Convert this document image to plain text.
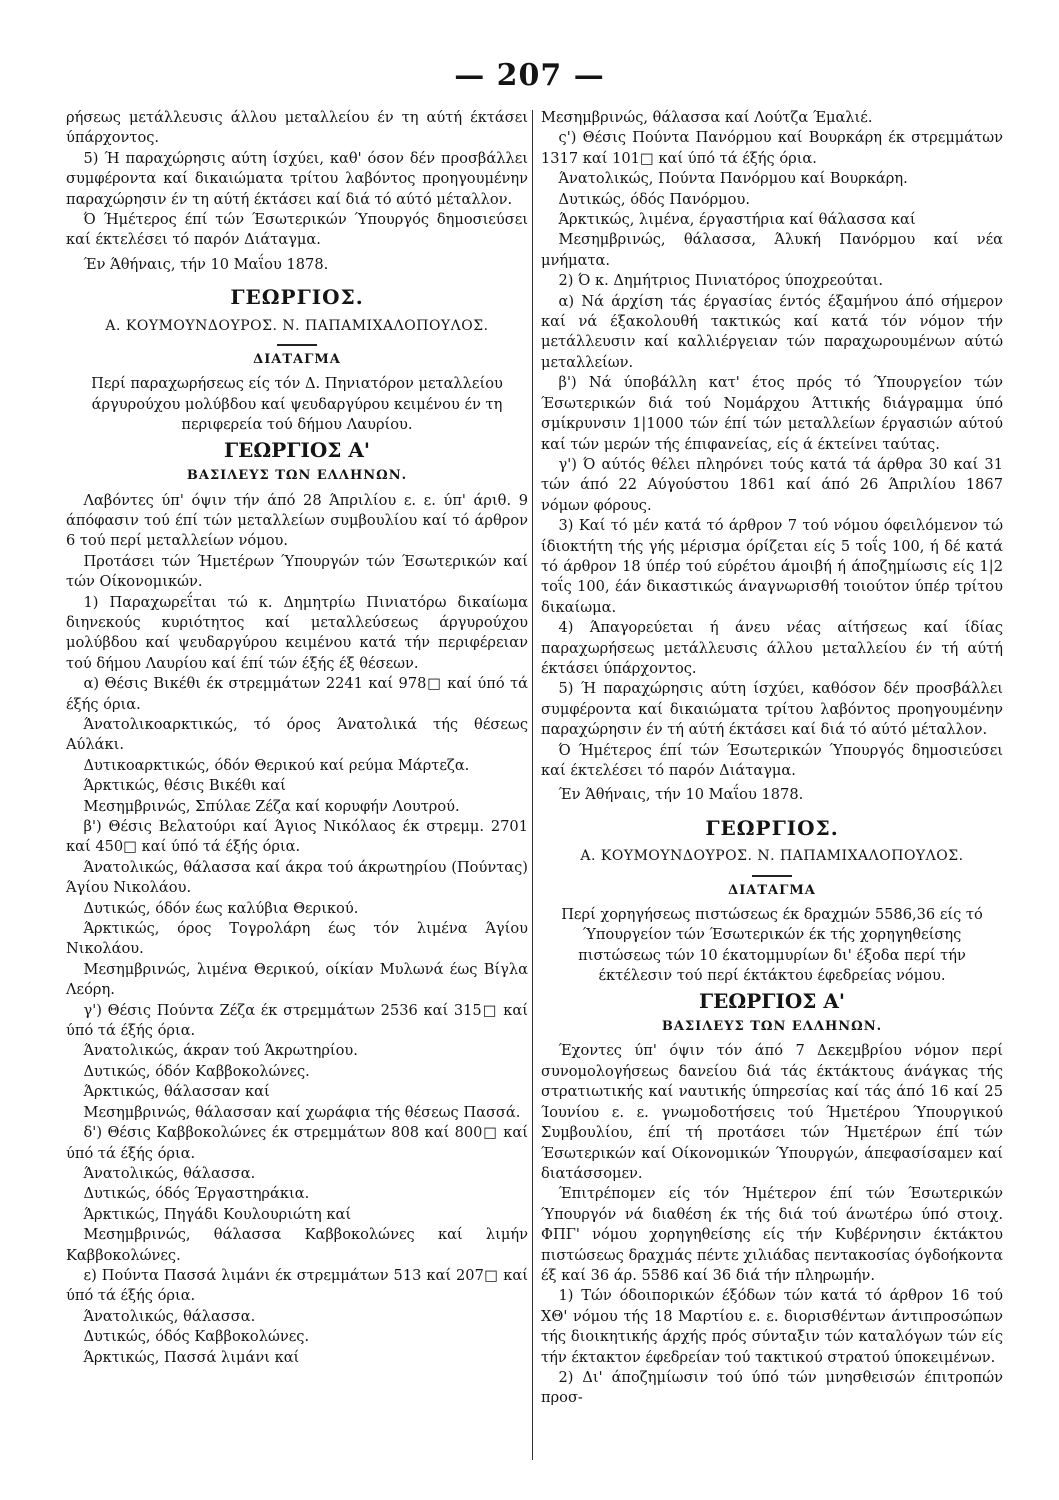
— 207 —

ρήσεως μετάλλευσις άλλου μεταλλείου έν τη αύτή έκτάσει ύπάρχοντος.

5) Ή παραχώρησις αύτη ίσχύει, καθ' όσον δέν προσβάλλει συμφέροντα καί δικαιώματα τρίτου λαβόντος προηγουμένην παραχώρησιν έν τη αύτή έκτάσει καί διά τό αύτό μέταλλον.

Ό Ήμέτερος έπί τών Έσωτερικών Ύπουργός δημοσιεύσει καί έκτελέσει τό παρόν Διάταγμα.

Έν Άθήναις, τήν 10 Μαΐου 1878.

ΓΕΩΡΓΙΟΣ.

Α. ΚΟΥΜΟΥΝΔΟΥΡΟΣ. Ν. ΠΑΠΑΜΙΧΑΛΟΠΟΥΛΟΣ.

ΔΙΑΤΑΓΜΑ

Περί παραχωρήσεως είς τόν Δ. Πηνιατόρον μεταλλείου άργυρούχου μολύβδου καί ψευδαργύρου κειμένου έν τη περιφερεία τού δήμου Λαυρίου.

ΓΕΩΡΓΙΟΣ Α'

ΒΑΣΙΛΕΥΣ ΤΩΝ ΕΛΛΗΝΩΝ.

Λαβόντες ύπ' όψιν τήν άπό 28 Άπριλίου ε. ε. ύπ' άριθ. 9 άπόφασιν τού έπί τών μεταλλείων συμβουλίου καί τό άρθρον 6 τού περί μεταλλείων νόμου.

Προτάσει τών Ήμετέρων Ύπουργών τών Έσωτερικών καί τών Οίκονομικών.

1) Παραχωρεΐται τώ κ. Δημητρίω Πινιατόρω δικαίωμα διηνεκούς κυριότητος καί μεταλλεύσεως άργυρούχου μολύβδου καί ψευδαργύρου κειμένου κατά τήν περιφέρειαν τού δήμου Λαυρίου καί έπί τών έξής έξ θέσεων.

α) Θέσις Βικέθι έκ στρεμμάτων 2241 καί 978□ καί ύπό τά έξής όρια.

Άνατολικοαρκτικώς, τό όρος Άνατολικά τής θέσεως Αύλάκι.

Δυτικοαρκτικώς, όδόν Θερικού καί ρεύμα Μάρτεζα.

Άρκτικώς, θέσις Βικέθι καί

Μεσημβρινώς, Σπύλαε Ζέζα καί κορυφήν Λουτρού.

β') Θέσις Βελατούρι καί Άγιος Νικόλαος έκ στρεμμ. 2701 καί 450□ καί ύπό τά έξής όρια.

Άνατολικώς, θάλασσα καί άκρα τού άκρωτηρίου (Πούντας) Άγίου Νικολάου.

Δυτικώς, όδόν έως καλύβια Θερικού.

Άρκτικώς, όρος Τογρολάρη έως τόν λιμένα Άγίου Νικολάου.

Μεσημβρινώς, λιμένα Θερικού, οίκίαν Μυλωνά έως Βίγλα Λεόρη.

γ') Θέσις Πούντα Ζέζα έκ στρεμμάτων 2536 καί 315□ καί ύπό τά έξής όρια.

Άνατολικώς, άκραν τού Άκρωτηρίου.

Δυτικώς, όδόν Καββοκολώνες.

Άρκτικώς, θάλασσαν καί

Μεσημβρινώς, θάλασσαν καί χωράφια τής θέσεως Πασσά.

δ') Θέσις Καββοκολώνες έκ στρεμμάτων 808 καί 800□ καί ύπό τά έξής όρια.

Άνατολικώς, θάλασσα.

Δυτικώς, όδός Έργαστηράκια.

Άρκτικώς, Πηγάδι Κουλουριώτη καί

Μεσημβρινώς, θάλασσα Καββοκολώνες καί λιμήν Καββοκολώνες.

ε) Πούντα Πασσά λιμάνι έκ στρεμμάτων 513 καί 207□ καί ύπό τά έξής όρια.

Άνατολικώς, θάλασσα.

Δυτικώς, όδός Καββοκολώνες.

Άρκτικώς, Πασσά λιμάνι καί

Μεσημβρινώς, θάλασσα καί Λούτζα Έμαλιέ.

ς') Θέσις Πούντα Πανόρμου καί Βουρκάρη έκ στρεμμάτων 1317 καί 101□ καί ύπό τά έξής όρια.

Άνατολικώς, Πούντα Πανόρμου καί Βουρκάρη.

Δυτικώς, όδός Πανόρμου.

Άρκτικώς, λιμένα, έργαστήρια καί θάλασσα καί

Μεσημβρινώς, θάλασσα, Άλυκή Πανόρμου καί νέα μνήματα.

2) Ό κ. Δημήτριος Πινιατόρος ύποχρεούται.

α) Νά άρχίση τάς έργασίας έντός έξαμήνου άπό σήμερον καί νά έξακολουθή τακτικώς καί κατά τόν νόμον τήν μετάλλευσιν καί καλλιέργειαν τών παραχωρουμένων αύτώ μεταλλείων.

β') Νά ύποβάλλη κατ' έτος πρός τό Ύπουργείον τών Έσωτερικών διά τού Νομάρχου Άττικής διάγραμμα ύπό σμίκρυνσιν 1|1000 τών έπί τών μεταλλείων έργασιών αύτού καί τών μερών τής έπιφανείας, είς ά έκτείνει ταύτας.

γ') Ό αύτός θέλει πληρόνει τούς κατά τά άρθρα 30 καί 31 τών άπό 22 Αύγούστου 1861 καί άπό 26 Άπριλίου 1867 νόμων φόρους.

3) Καί τό μέν κατά τό άρθρον 7 τού νόμου όφειλόμενον τώ ίδιοκτήτη τής γής μέρισμα όρίζεται είς 5 τοΐς 100, ή δέ κατά τό άρθρον 18 ύπέρ τού εύρέτου άμοιβή ή άποζημίωσις είς 1|2 τοΐς 100, έάν δικαστικώς άναγνωρισθή τοιούτον ύπέρ τρίτου δικαίωμα.

4) Άπαγορεύεται ή άνευ νέας αίτήσεως καί ίδίας παραχωρήσεως μετάλλευσις άλλου μεταλλείου έν τή αύτή έκτάσει ύπάρχοντος.

5) Ή παραχώρησις αύτη ίσχύει, καθόσον δέν προσβάλλει συμφέροντα καί δικαιώματα τρίτου λαβόντος προηγουμένην παραχώρησιν έν τή αύτή έκτάσει καί διά τό αύτό μέταλλον.

Ό Ήμέτερος έπί τών Έσωτερικών Ύπουργός δημοσιεύσει καί έκτελέσει τό παρόν Διάταγμα.

Έν Άθήναις, τήν 10 Μαΐου 1878.

ΓΕΩΡΓΙΟΣ.

Α. ΚΟΥΜΟΥΝΔΟΥΡΟΣ. Ν. ΠΑΠΑΜΙΧΑΛΟΠΟΥΛΟΣ.

ΔΙΑΤΑΓΜΑ

Περί χορηγήσεως πιστώσεως έκ δραχμών 5586,36 είς τό Ύπουργείον τών Έσωτερικών έκ τής χορηγηθείσης πιστώσεως τών 10 έκατομμυρίων δι' έξοδα περί τήν έκτέλεσιν τού περί έκτάκτου έφεδρείας νόμου.

ΓΕΩΡΓΙΟΣ Α'

ΒΑΣΙΛΕΥΣ ΤΩΝ ΕΛΛΗΝΩΝ.

Έχοντες ύπ' όψιν τόν άπό 7 Δεκεμβρίου νόμον περί συνομολογήσεως δανείου διά τάς έκτάκτους άνάγκας τής στρατιωτικής καί ναυτικής ύπηρεσίας καί τάς άπό 16 καί 25 Ίουνίου ε. ε. γνωμοδοτήσεις τού Ήμετέρου Ύπουργικού Συμβουλίου, έπί τή προτάσει τών Ήμετέρων έπί τών Έσωτερικών καί Οίκονομικών Ύπουργών, άπεφασίσαμεν καί διατάσσομεν.

Έπιτρέπομεν είς τόν Ήμέτερον έπί τών Έσωτερικών Ύπουργόν νά διαθέση έκ τής διά τού άνωτέρω ύπό στοιχ. ΦΠΓ' νόμου χορηγηθείσης είς τήν Κυβέρνησιν έκτάκτου πιστώσεως δραχμάς πέντε χιλιάδας πεντακοσίας όγδοήκοντα έξ καί 36 άρ. 5586 καί 36 διά τήν πληρωμήν.

1) Τών όδοιπορικών έξόδων τών κατά τό άρθρον 16 τού ΧΘ' νόμου τής 18 Μαρτίου ε. ε. διορισθέντων άντιπροσώπων τής διοικητικής άρχής πρός σύνταξιν τών καταλόγων τών είς τήν έκτακτον έφεδρείαν τού τακτικού στρατού ύποκειμένων.

2) Δι' άποζημίωσιν τού ύπό τών μνησθεισών έπιτροπών προσ-
